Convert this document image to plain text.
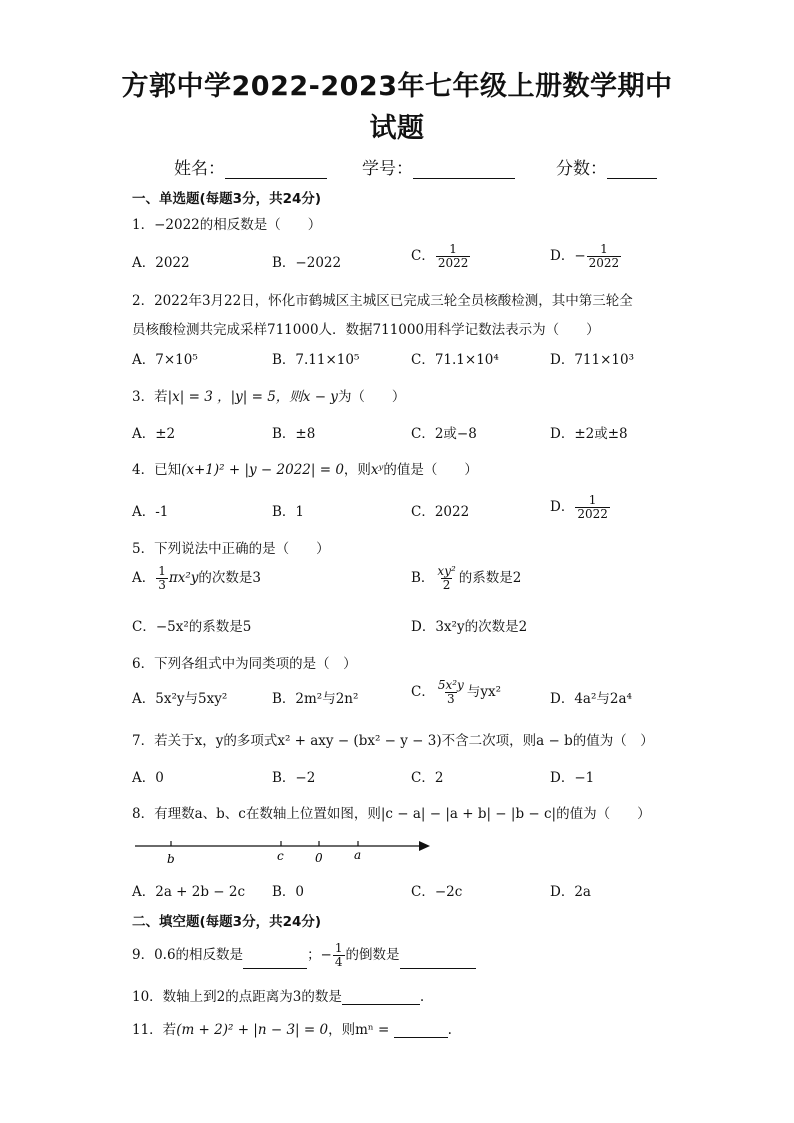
方郭中学2022-2023年七年级上册数学期中
试题
姓名：	学号：	分数：
一、单选题(每题3分，共24分)
1．−2022的相反数是（　　）
A．2022	B．−2022	C． $\frac{1}{2022}$	D．− $\frac{1}{2022}$
2．2022年3月22日，怀化市鹤城区主城区已完成三轮全员核酸检测，其中第三轮全
员核酸检测共完成采样711000人．数据711000用科学记数法表示为（　　）
A．7×10⁵	B．7.11×10⁵	C．71.1×10⁴	D．711×10³
3．若|x| = 3 ，|y| = 5，则x − y为（　　）
A．±2	B．±8	C．2或−8	D．±2或±8
4．已知(x+1)² + |y − 2022| = 0，则xʸ的值是（　　）
A．-1	B．1	C．2022	D． $\frac{1}{2022}$
5．下列说法中正确的是（　　）
A． $\frac{1}{3} \pi x^2y$的次数是3	B． $\frac{\text{xy²}}{2}$ 的系数是2
C．−5x²的系数是5	D．3x²y的次数是2
6．下列各组式中为同类项的是（　）
A．5x²y与5xy²	B．2m²与2n²	C． $\frac{\text{5x²y}}{3}$ 与yx²	D．4a²与2a⁴
7．若关于x，y的多项式x² + axy − (bx² − y − 3)不含二次项，则a − b的值为（　）
A．0	B．−2	C．2	D．−1
8．有理数a、b、c在数轴上位置如图，则|c − a| − |a + b| − |b − c|的值为（　　）
b	c	0	a
A．2a + 2b − 2c B．0	C．−2c	D．2a
二、填空题(每题3分，共24分)
9．0.6的相反数是	；− $\frac{1}{4}$ 的倒数是
10．数轴上到2的点距离为3的数是	.
11．若(m + 2)² + |n − 3| = 0，则mⁿ =	.
